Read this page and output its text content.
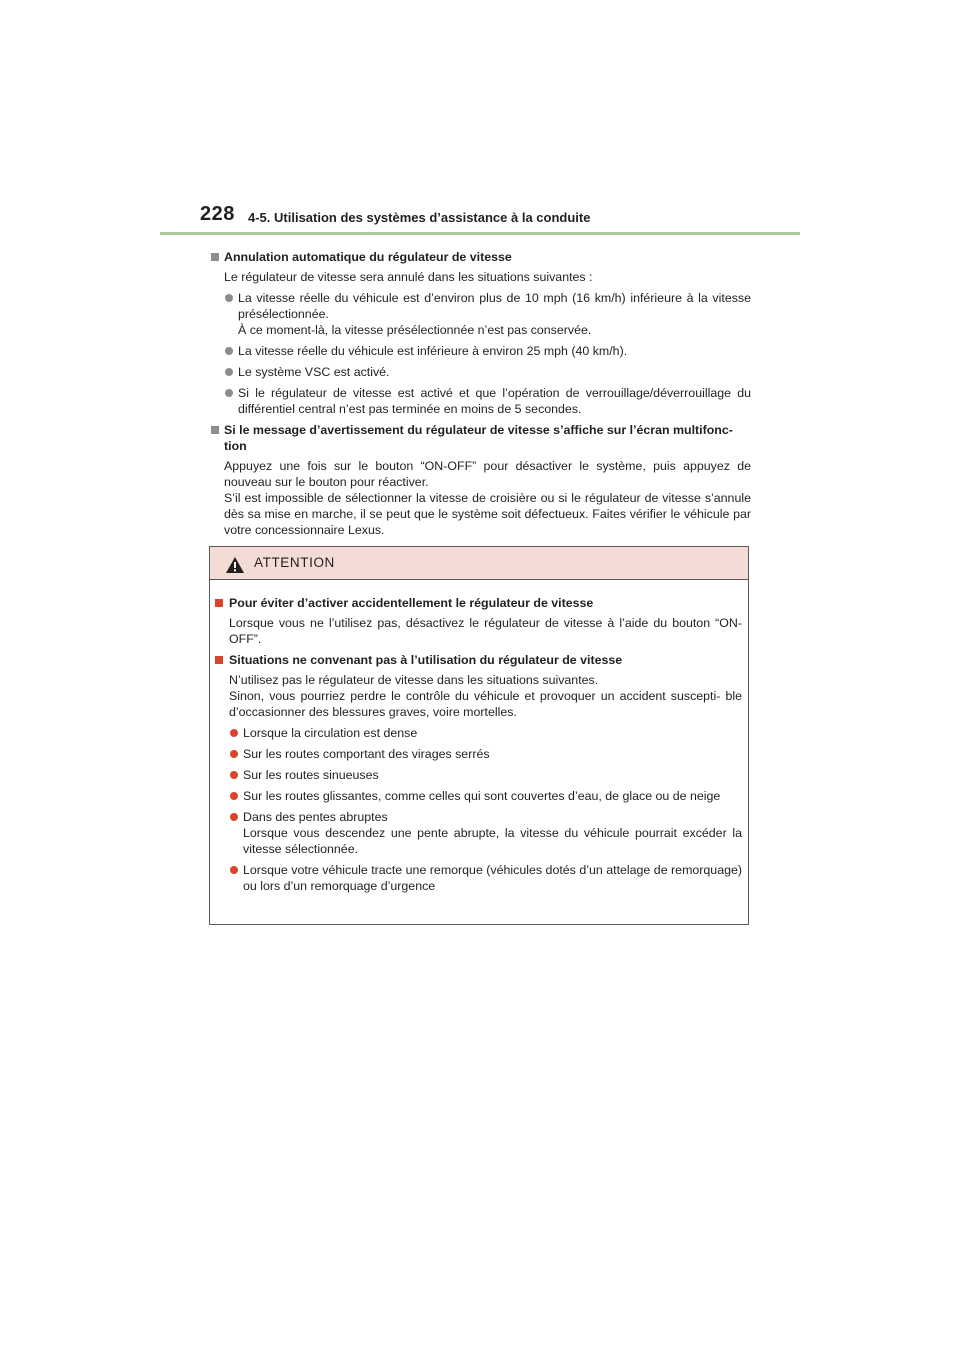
228 4-5. Utilisation des systèmes d’assistance à la conduite
Annulation automatique du régulateur de vitesse
Le régulateur de vitesse sera annulé dans les situations suivantes :
La vitesse réelle du véhicule est d’environ plus de 10 mph (16 km/h) inférieure à la vitesse présélectionnée.
À ce moment-là, la vitesse présélectionnée n’est pas conservée.
La vitesse réelle du véhicule est inférieure à environ 25 mph (40 km/h).
Le système VSC est activé.
Si le régulateur de vitesse est activé et que l’opération de verrouillage/déverrouillage du différentiel central n’est pas terminée en moins de 5 secondes.
Si le message d’avertissement du régulateur de vitesse s’affiche sur l’écran multifonc- tion
Appuyez une fois sur le bouton “ON-OFF” pour désactiver le système, puis appuyez de nouveau sur le bouton pour réactiver.
S’il est impossible de sélectionner la vitesse de croisière ou si le régulateur de vitesse s’annule dès sa mise en marche, il se peut que le système soit défectueux. Faites vérifier le véhicule par votre concessionnaire Lexus.
ATTENTION
Pour éviter d’activer accidentellement le régulateur de vitesse
Lorsque vous ne l’utilisez pas, désactivez le régulateur de vitesse à l’aide du bouton “ON-OFF”.
Situations ne convenant pas à l’utilisation du régulateur de vitesse
N’utilisez pas le régulateur de vitesse dans les situations suivantes.
Sinon, vous pourriez perdre le contrôle du véhicule et provoquer un accident suscepti- ble d’occasionner des blessures graves, voire mortelles.
Lorsque la circulation est dense
Sur les routes comportant des virages serrés
Sur les routes sinueuses
Sur les routes glissantes, comme celles qui sont couvertes d’eau, de glace ou de neige
Dans des pentes abruptes
Lorsque vous descendez une pente abrupte, la vitesse du véhicule pourrait excéder la vitesse sélectionnée.
Lorsque votre véhicule tracte une remorque (véhicules dotés d’un attelage de remorquage) ou lors d’un remorquage d’urgence
